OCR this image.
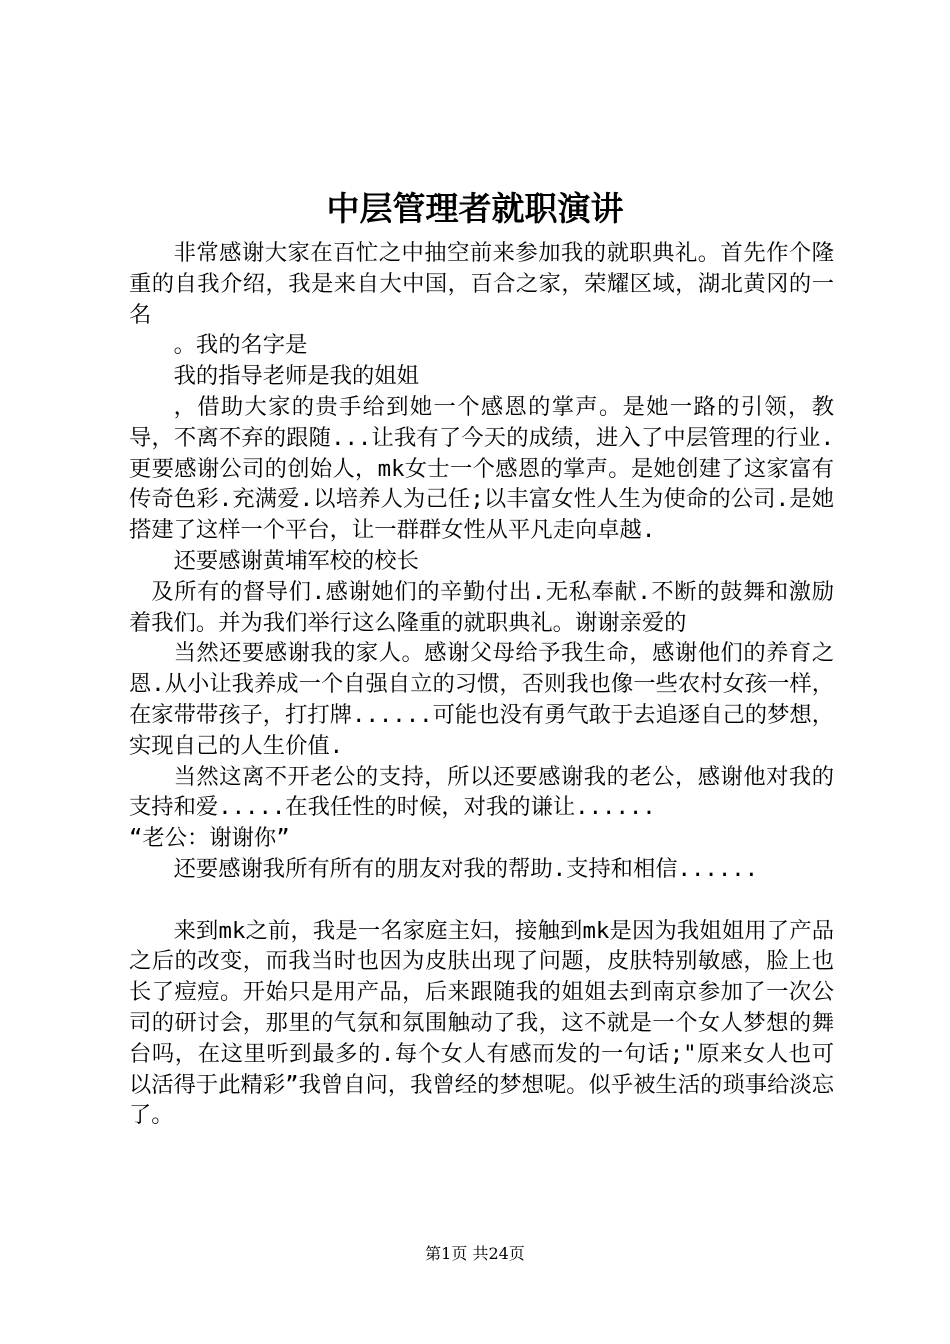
中层管理者就职演讲

非常感谢大家在百忙之中抽空前来参加我的就职典礼。首先作个隆重的自我介绍，我是来自大中国，百合之家，荣耀区域，湖北黄冈的一名

。我的名字是

我的指导老师是我的姐姐

，借助大家的贵手给到她一个感恩的掌声。是她一路的引领，教导，不离不弃的跟随...让我有了今天的成绩，进入了中层管理的行业.更要感谢公司的创始人，mk女士一个感恩的掌声。是她创建了这家富有传奇色彩.充满爱.以培养人为己任;以丰富女性人生为使命的公司.是她搭建了这样一个平台，让一群群女性从平凡走向卓越.

还要感谢黄埔军校的校长

及所有的督导们.感谢她们的辛勤付出.无私奉献.不断的鼓舞和激励着我们。并为我们举行这么隆重的就职典礼。谢谢亲爱的

当然还要感谢我的家人。感谢父母给予我生命，感谢他们的养育之恩.从小让我养成一个自强自立的习惯，否则我也像一些农村女孩一样，在家带带孩子，打打牌......可能也没有勇气敢于去追逐自己的梦想，实现自己的人生价值.

当然这离不开老公的支持，所以还要感谢我的老公，感谢他对我的支持和爱.....在我任性的时候，对我的谦让......

“老公：谢谢你”

还要感谢我所有所有的朋友对我的帮助.支持和相信......

来到mk之前，我是一名家庭主妇，接触到mk是因为我姐姐用了产品之后的改变，而我当时也因为皮肤出现了问题，皮肤特别敏感，脸上也长了痘痘。开始只是用产品，后来跟随我的姐姐去到南京参加了一次公司的研讨会，那里的气氛和氛围触动了我，这不就是一个女人梦想的舞台吗，在这里听到最多的.每个女人有感而发的一句话;"原来女人也可以活得于此精彩”我曾自问，我曾经的梦想呢。似乎被生活的琐事给淡忘了。

第1页 共24页
